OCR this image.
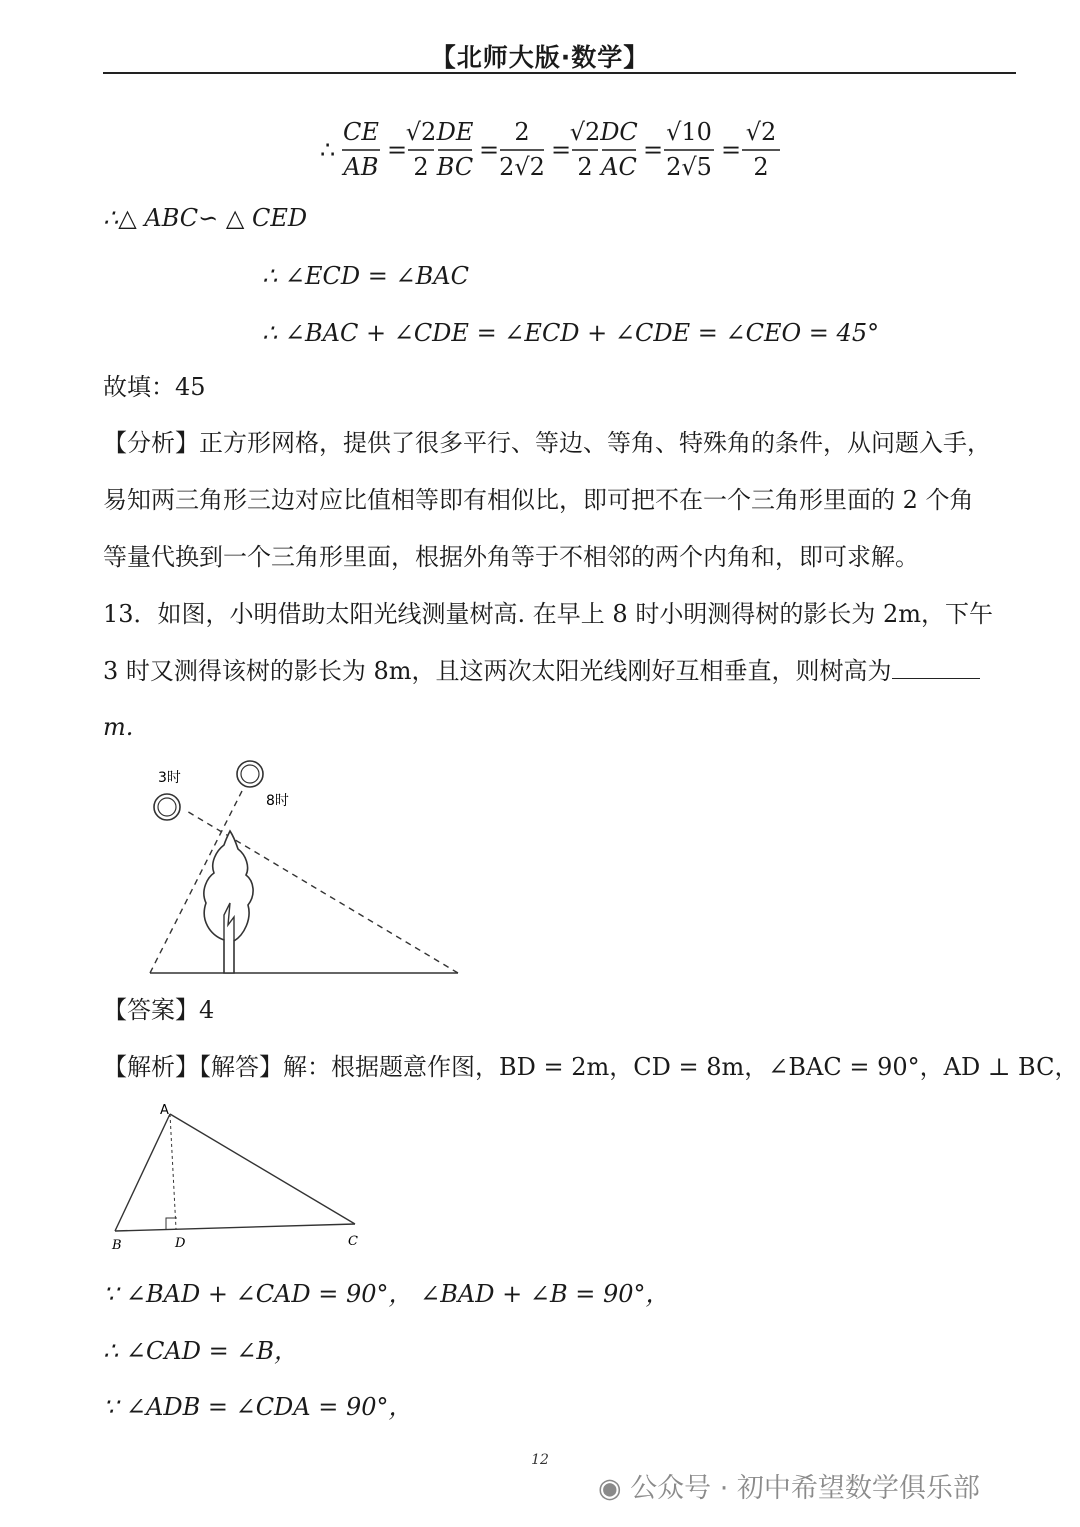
【北师大版·数学】
∴
CE
AB
=
√2
2
DE
BC
=
2
2√2
=
√2
2
DC
AC
=
√10
2√5
=
√2
2
∴△ ABC∽ △ CED
∴ ∠ECD = ∠BAC
∴ ∠BAC + ∠CDE = ∠ECD + ∠CDE = ∠CEO = 45°
故填：45
【分析】正方形网格，提供了很多平行、等边、等角、特殊角的条件，从问题入手，
易知两三角形三边对应比值相等即有相似比，即可把不在一个三角形里面的 2 个角
等量代换到一个三角形里面，根据外角等于不相邻的两个内角和，即可求解。
13．如图，小明借助太阳光线测量树高. 在早上 8 时小明测得树的影长为 2m，下午
3 时又测得该树的影长为 8m，且这两次太阳光线刚好互相垂直，则树高为
m.
3时
8时
【答案】4
【解析】【解答】解：根据题意作图，BD = 2m，CD = 8m，∠BAC = 90°，AD ⊥ BC，
A
B	D	C
∵ ∠BAD + ∠CAD = 90°， ∠BAD + ∠B = 90°，
∴ ∠CAD = ∠B，
∵ ∠ADB = ∠CDA = 90°，
12
◉ 公众号 · 初中希望数学俱乐部
